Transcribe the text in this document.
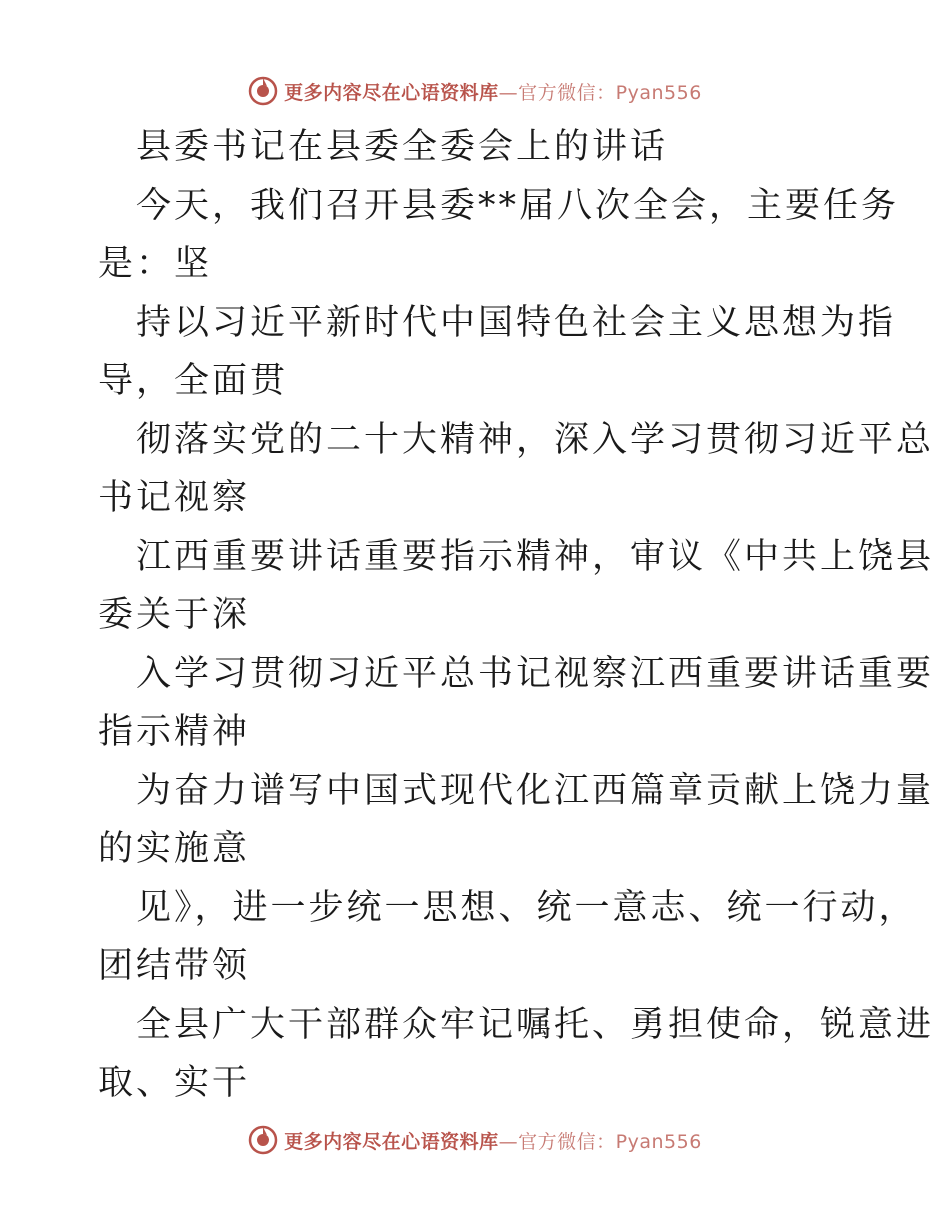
更多内容尽在心语资料库—官方微信：Pyan556
县委书记在县委全委会上的讲话
今天，我们召开县委**届八次全会，主要任务
是：坚
持以习近平新时代中国特色社会主义思想为指
导，全面贯
彻落实党的二十大精神，深入学习贯彻习近平总
书记视察
江西重要讲话重要指示精神，审议《中共上饶县
委关于深
入学习贯彻习近平总书记视察江西重要讲话重要
指示精神
为奋力谱写中国式现代化江西篇章贡献上饶力量
的实施意
见》，进一步统一思想、统一意志、统一行动，
团结带领
全县广大干部群众牢记嘱托、勇担使命，锐意进
取、实干
更多内容尽在心语资料库—官方微信：Pyan556
